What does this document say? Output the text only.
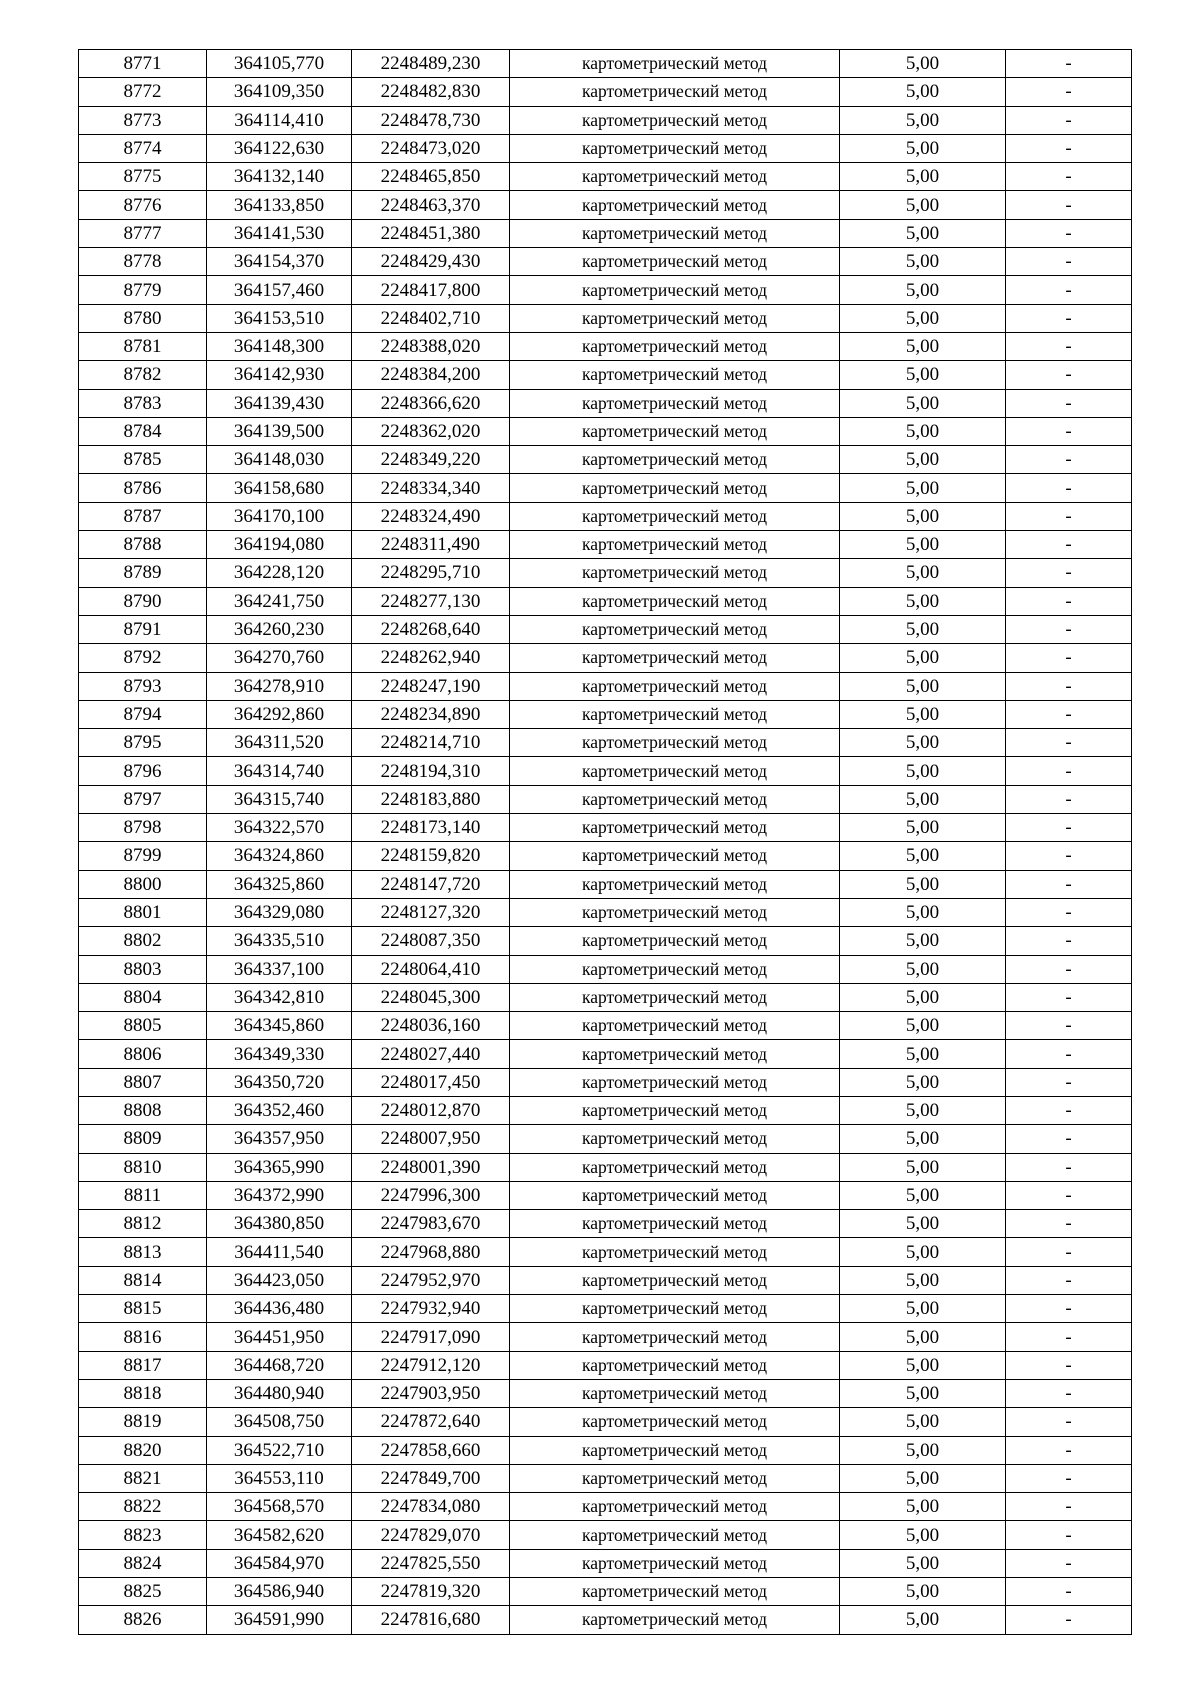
8771	364105,770	2248489,230	картометрический метод	5,00	-
8772	364109,350	2248482,830	картометрический метод	5,00	-
8773	364114,410	2248478,730	картометрический метод	5,00	-
8774	364122,630	2248473,020	картометрический метод	5,00	-
8775	364132,140	2248465,850	картометрический метод	5,00	-
8776	364133,850	2248463,370	картометрический метод	5,00	-
8777	364141,530	2248451,380	картометрический метод	5,00	-
8778	364154,370	2248429,430	картометрический метод	5,00	-
8779	364157,460	2248417,800	картометрический метод	5,00	-
8780	364153,510	2248402,710	картометрический метод	5,00	-
8781	364148,300	2248388,020	картометрический метод	5,00	-
8782	364142,930	2248384,200	картометрический метод	5,00	-
8783	364139,430	2248366,620	картометрический метод	5,00	-
8784	364139,500	2248362,020	картометрический метод	5,00	-
8785	364148,030	2248349,220	картометрический метод	5,00	-
8786	364158,680	2248334,340	картометрический метод	5,00	-
8787	364170,100	2248324,490	картометрический метод	5,00	-
8788	364194,080	2248311,490	картометрический метод	5,00	-
8789	364228,120	2248295,710	картометрический метод	5,00	-
8790	364241,750	2248277,130	картометрический метод	5,00	-
8791	364260,230	2248268,640	картометрический метод	5,00	-
8792	364270,760	2248262,940	картометрический метод	5,00	-
8793	364278,910	2248247,190	картометрический метод	5,00	-
8794	364292,860	2248234,890	картометрический метод	5,00	-
8795	364311,520	2248214,710	картометрический метод	5,00	-
8796	364314,740	2248194,310	картометрический метод	5,00	-
8797	364315,740	2248183,880	картометрический метод	5,00	-
8798	364322,570	2248173,140	картометрический метод	5,00	-
8799	364324,860	2248159,820	картометрический метод	5,00	-
8800	364325,860	2248147,720	картометрический метод	5,00	-
8801	364329,080	2248127,320	картометрический метод	5,00	-
8802	364335,510	2248087,350	картометрический метод	5,00	-
8803	364337,100	2248064,410	картометрический метод	5,00	-
8804	364342,810	2248045,300	картометрический метод	5,00	-
8805	364345,860	2248036,160	картометрический метод	5,00	-
8806	364349,330	2248027,440	картометрический метод	5,00	-
8807	364350,720	2248017,450	картометрический метод	5,00	-
8808	364352,460	2248012,870	картометрический метод	5,00	-
8809	364357,950	2248007,950	картометрический метод	5,00	-
8810	364365,990	2248001,390	картометрический метод	5,00	-
8811	364372,990	2247996,300	картометрический метод	5,00	-
8812	364380,850	2247983,670	картометрический метод	5,00	-
8813	364411,540	2247968,880	картометрический метод	5,00	-
8814	364423,050	2247952,970	картометрический метод	5,00	-
8815	364436,480	2247932,940	картометрический метод	5,00	-
8816	364451,950	2247917,090	картометрический метод	5,00	-
8817	364468,720	2247912,120	картометрический метод	5,00	-
8818	364480,940	2247903,950	картометрический метод	5,00	-
8819	364508,750	2247872,640	картометрический метод	5,00	-
8820	364522,710	2247858,660	картометрический метод	5,00	-
8821	364553,110	2247849,700	картометрический метод	5,00	-
8822	364568,570	2247834,080	картометрический метод	5,00	-
8823	364582,620	2247829,070	картометрический метод	5,00	-
8824	364584,970	2247825,550	картометрический метод	5,00	-
8825	364586,940	2247819,320	картометрический метод	5,00	-
8826	364591,990	2247816,680	картометрический метод	5,00	-
